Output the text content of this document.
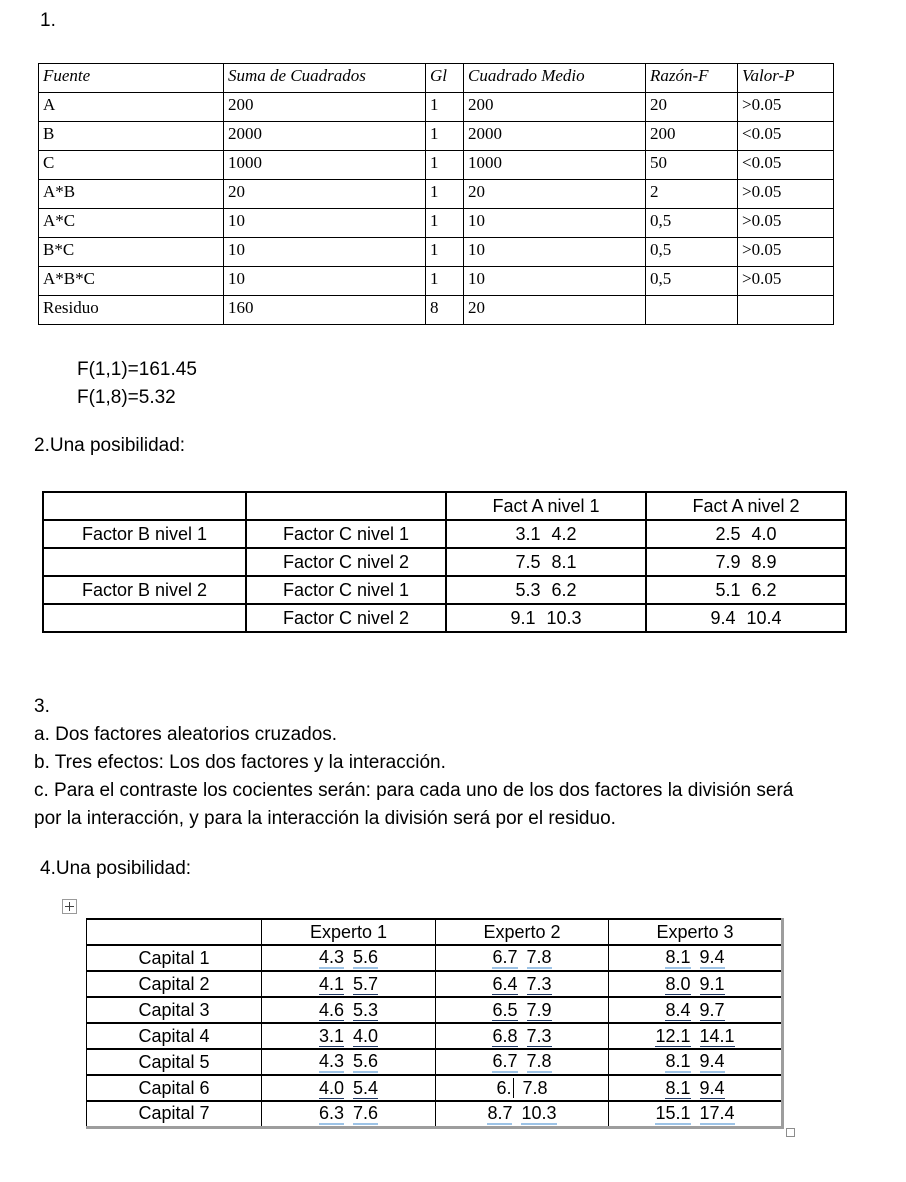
1.
Fuente	Suma de Cuadrados	Gl	Cuadrado Medio	Razón-F	Valor-P
A	200	1	200	20	>0.05
B	2000	1	2000	200	<0.05
C	1000	1	1000	50	<0.05
A*B	20	1	20	2	>0.05
A*C	10	1	10	0,5	>0.05
B*C	10	1	10	0,5	>0.05
A*B*C	10	1	10	0,5	>0.05
Residuo	160	8	20		
F(1,1)=161.45
F(1,8)=5.32
2.Una posibilidad:
		Fact A nivel 1	Fact A nivel 2
Factor B nivel 1	Factor C nivel 1	3.1 4.2	2.5 4.0
	Factor C nivel 2	7.5 8.1	7.9 8.9
Factor B nivel 2	Factor C nivel 1	5.3 6.2	5.1 6.2
	Factor C nivel 2	9.1 10.3	9.4 10.4
3.
a. Dos factores aleatorios cruzados.
b. Tres efectos: Los dos factores y la interacción.
c. Para el contraste los cocientes serán: para cada uno de los dos factores la división será
por la interacción, y para la interacción la división será por el residuo.
4.Una posibilidad:
	Experto 1	Experto 2	Experto 3
Capital 1	4.3 5.6	6.7 7.8	8.1 9.4
Capital 2	4.1 5.7	6.4 7.3	8.0 9.1
Capital 3	4.6 5.3	6.5 7.9	8.4 9.7
Capital 4	3.1 4.0	6.8 7.3	12.1 14.1
Capital 5	4.3 5.6	6.7 7.8	8.1 9.4
Capital 6	4.0 5.4	6. 7.8	8.1 9.4
Capital 7	6.3 7.6	8.7 10.3	15.1 17.4
